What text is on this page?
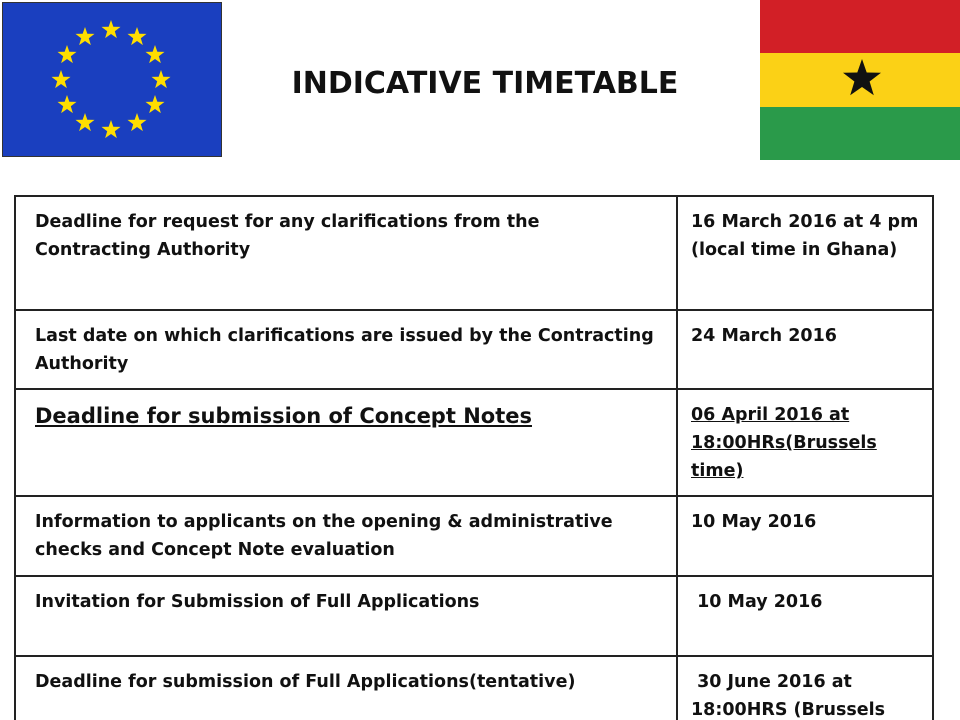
INDICATIVE TIMETABLE
Deadline for request for any clarifications from the Contracting Authority	16 March 2016 at 4 pm (local time in Ghana)
Last date on which clarifications are issued by the Contracting Authority	24 March 2016
Deadline for submission of Concept Notes	06 April 2016 at 18:00HRs(Brussels time)
Information to applicants on the opening & administrative checks and Concept Note evaluation	10 May 2016
Invitation for Submission of Full Applications	10 May 2016
Deadline for submission of Full Applications(tentative)	30 June 2016 at 18:00HRS (Brussels
